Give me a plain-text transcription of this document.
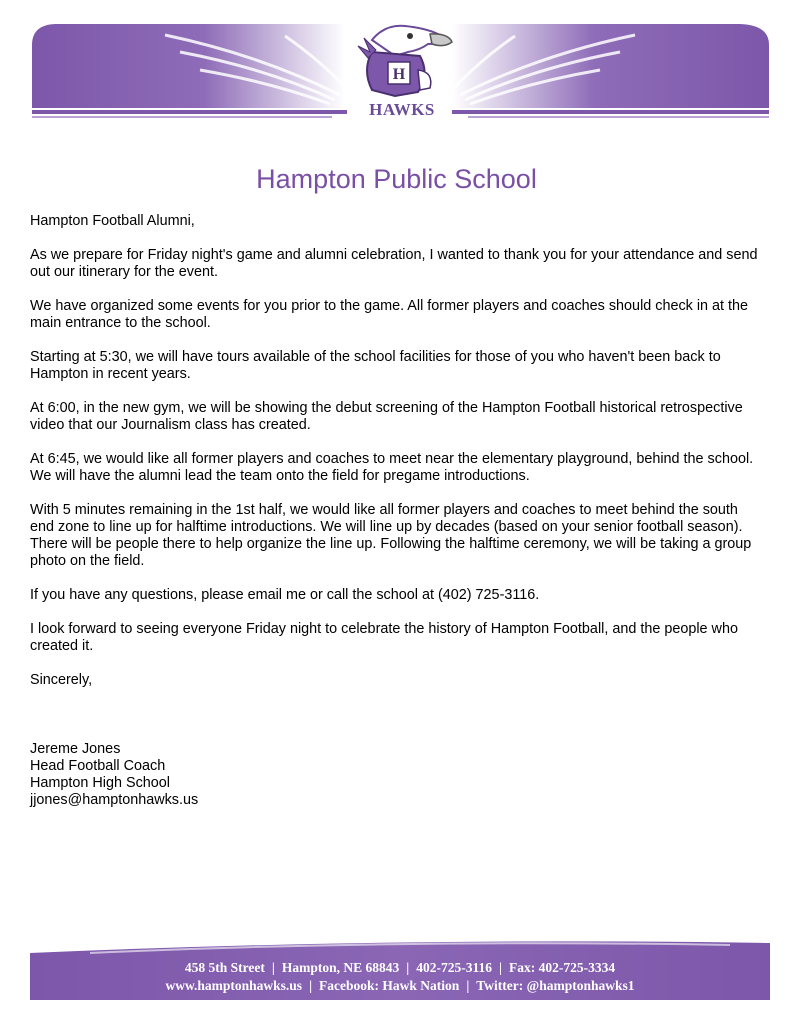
H
HAWKS
Hampton Public School

Hampton Football Alumni,

As we prepare for Friday night's game and alumni celebration, I wanted to thank you for your attendance and send out our itinerary for the event.

We have organized some events for you prior to the game. All former players and coaches should check in at the main entrance to the school.

Starting at 5:30, we will have tours available of the school facilities for those of you who haven't been back to Hampton in recent years.

At 6:00, in the new gym, we will be showing the debut screening of the Hampton Football historical retrospective video that our Journalism class has created.

At 6:45, we would like all former players and coaches to meet near the elementary playground, behind the school. We will have the alumni lead the team onto the field for pregame introductions.

With 5 minutes remaining in the 1st half, we would like all former players and coaches to meet behind the south end zone to line up for halftime introductions. We will line up by decades (based on your senior football season). There will be people there to help organize the line up. Following the halftime ceremony, we will be taking a group photo on the field.

If you have any questions, please email me or call the school at (402) 725-3116.

I look forward to seeing everyone Friday night to celebrate the history of Hampton Football, and the people who created it.

Sincerely,

Jereme Jones
Head Football Coach
Hampton High School
jjones@hamptonhawks.us
458 5th Street | Hampton, NE 68843 | 402-725-3116 | Fax: 402-725-3334
www.hamptonhawks.us | Facebook: Hawk Nation | Twitter: @hamptonhawks1
